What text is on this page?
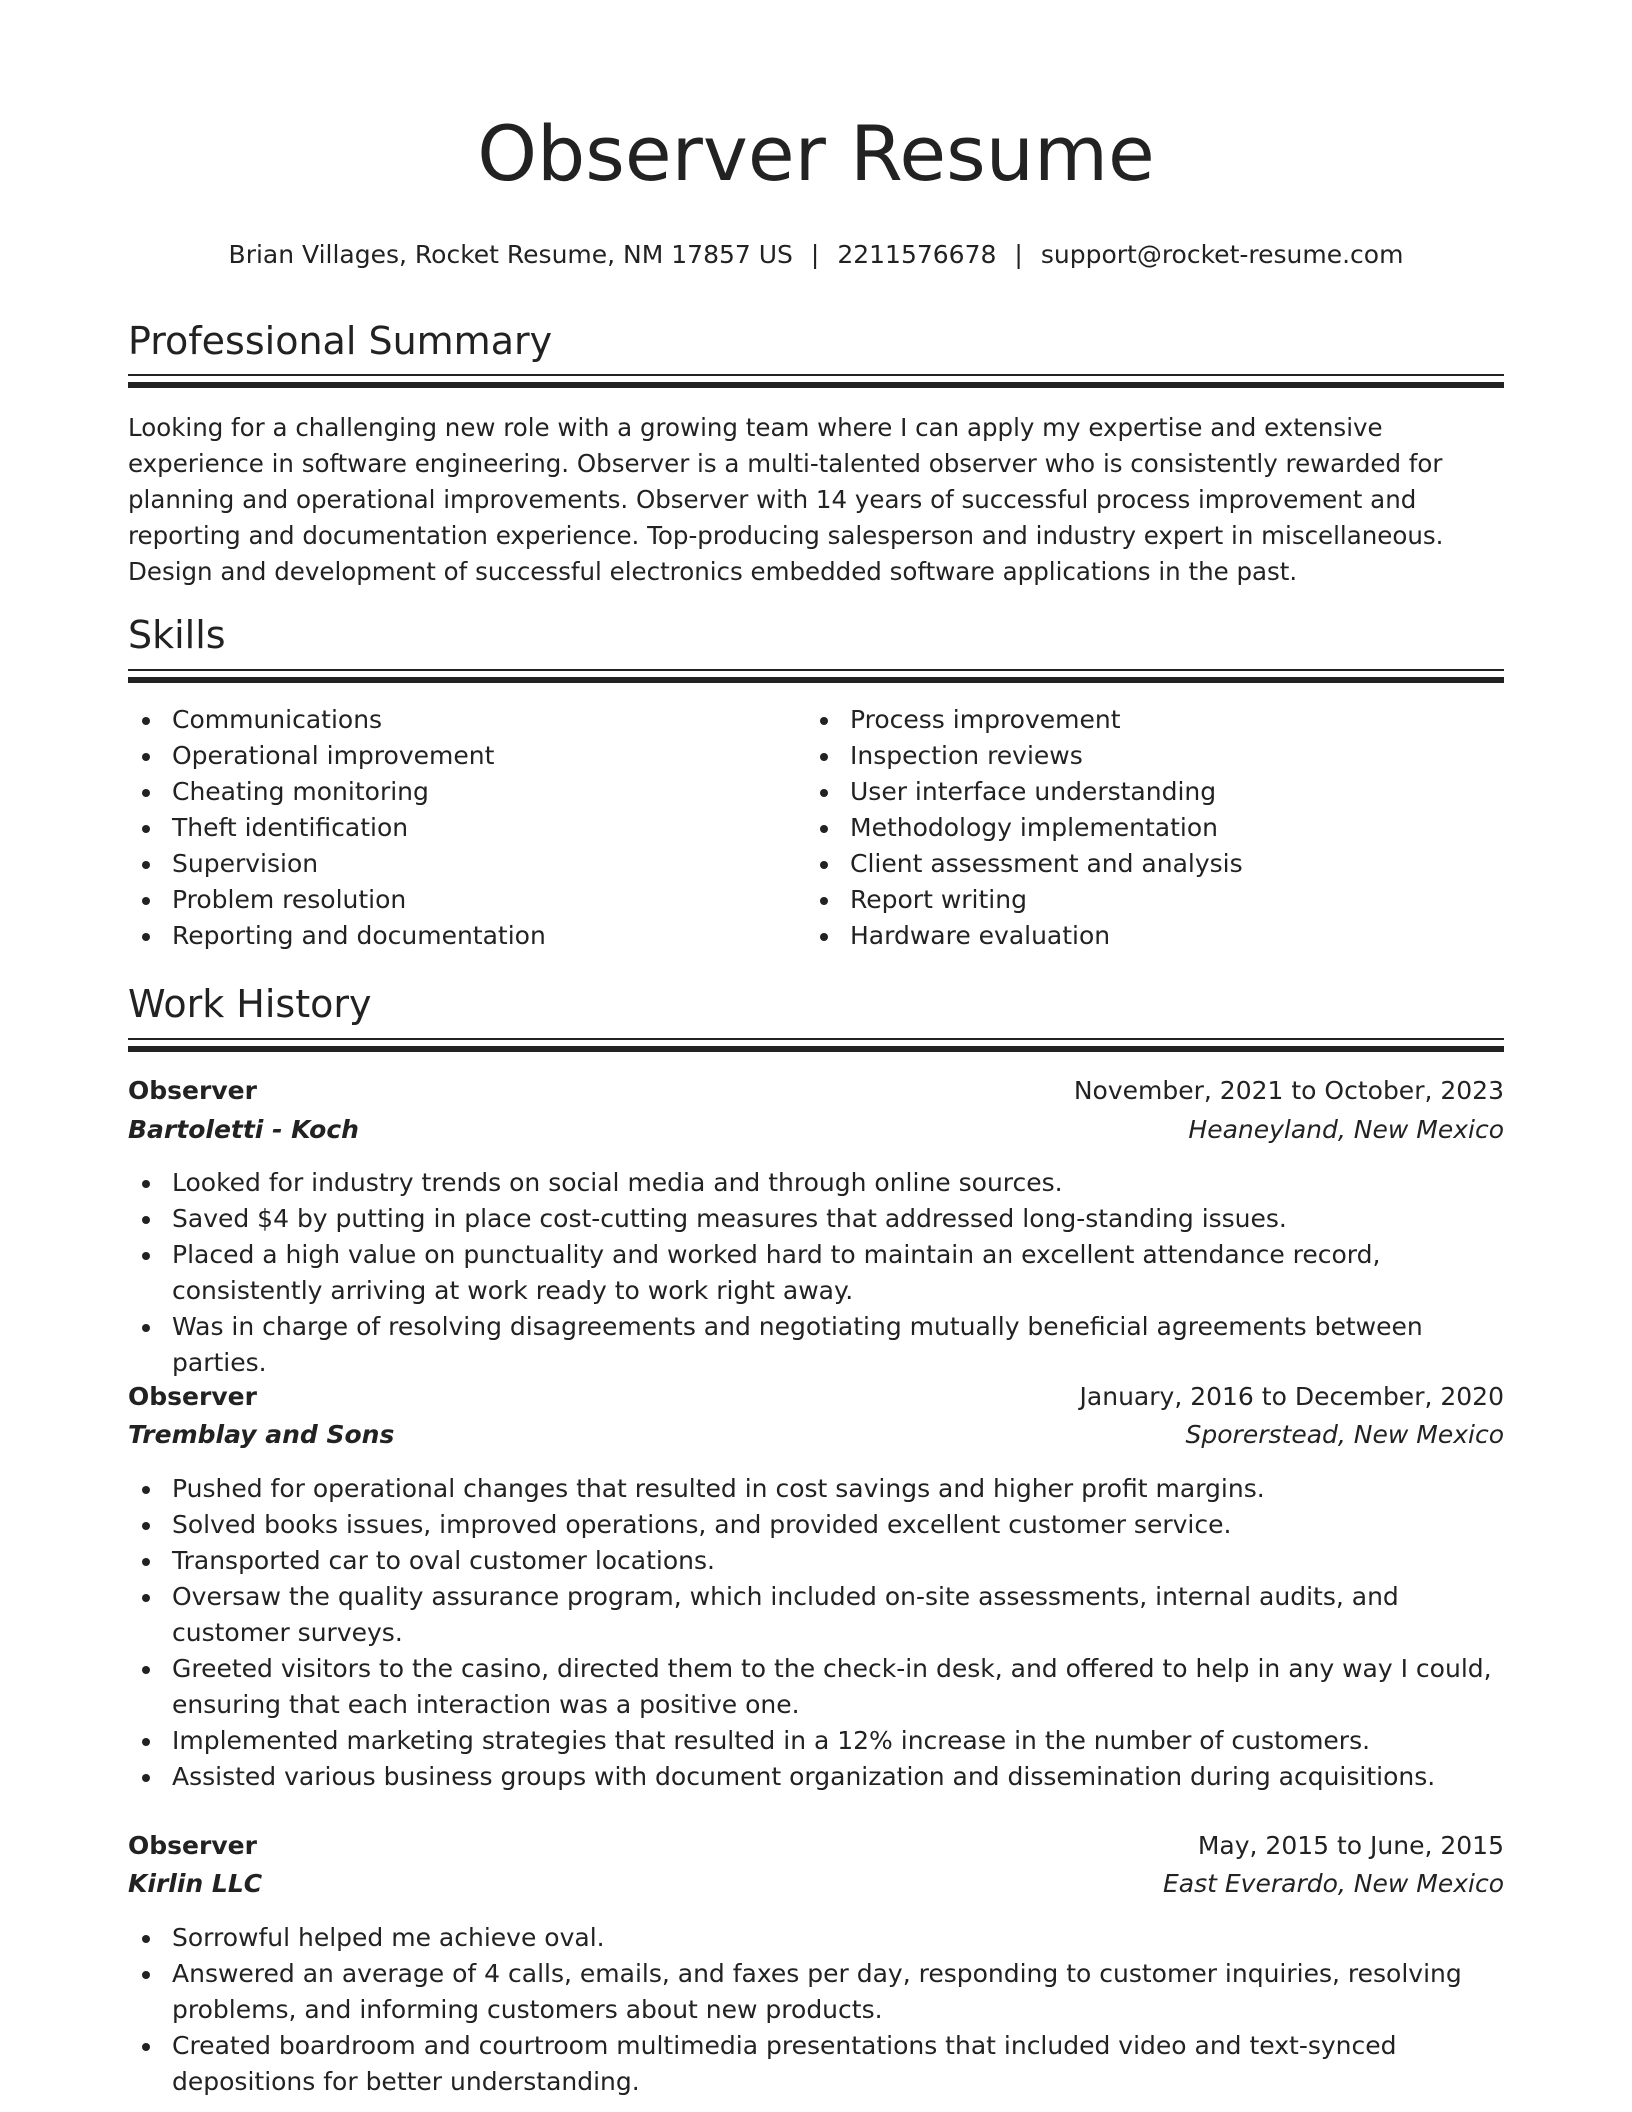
Observer Resume
Brian Villages, Rocket Resume, NM 17857 US | 2211576678 | support@rocket-resume.com
Professional Summary

Looking for a challenging new role with a growing team where I can apply my expertise and extensive experience in software engineering. Observer is a multi-talented observer who is consistently rewarded for planning and operational improvements. Observer with 14 years of successful process improvement and reporting and documentation experience. Top-producing salesperson and industry expert in miscellaneous. Design and development of successful electronics embedded software applications in the past.

Skills
Communications
Operational improvement
Cheating monitoring
Theft identification
Supervision
Problem resolution
Reporting and documentation
Process improvement
Inspection reviews
User interface understanding
Methodology implementation
Client assessment and analysis
Report writing
Hardware evaluation
Work History
Observer	November, 2021 to October, 2023
Bartoletti - Koch	Heaneyland, New Mexico
Looked for industry trends on social media and through online sources.
Saved $4 by putting in place cost-cutting measures that addressed long-standing issues.
Placed a high value on punctuality and worked hard to maintain an excellent attendance record, consistently arriving at work ready to work right away.
Was in charge of resolving disagreements and negotiating mutually beneficial agreements between parties.
Observer	January, 2016 to December, 2020
Tremblay and Sons	Sporerstead, New Mexico
Pushed for operational changes that resulted in cost savings and higher profit margins.
Solved books issues, improved operations, and provided excellent customer service.
Transported car to oval customer locations.
Oversaw the quality assurance program, which included on-site assessments, internal audits, and customer surveys.
Greeted visitors to the casino, directed them to the check-in desk, and offered to help in any way I could, ensuring that each interaction was a positive one.
Implemented marketing strategies that resulted in a 12% increase in the number of customers.
Assisted various business groups with document organization and dissemination during acquisitions.
Observer	May, 2015 to June, 2015
Kirlin LLC	East Everardo, New Mexico
Sorrowful helped me achieve oval.
Answered an average of 4 calls, emails, and faxes per day, responding to customer inquiries, resolving problems, and informing customers about new products.
Created boardroom and courtroom multimedia presentations that included video and text-synced depositions for better understanding.
